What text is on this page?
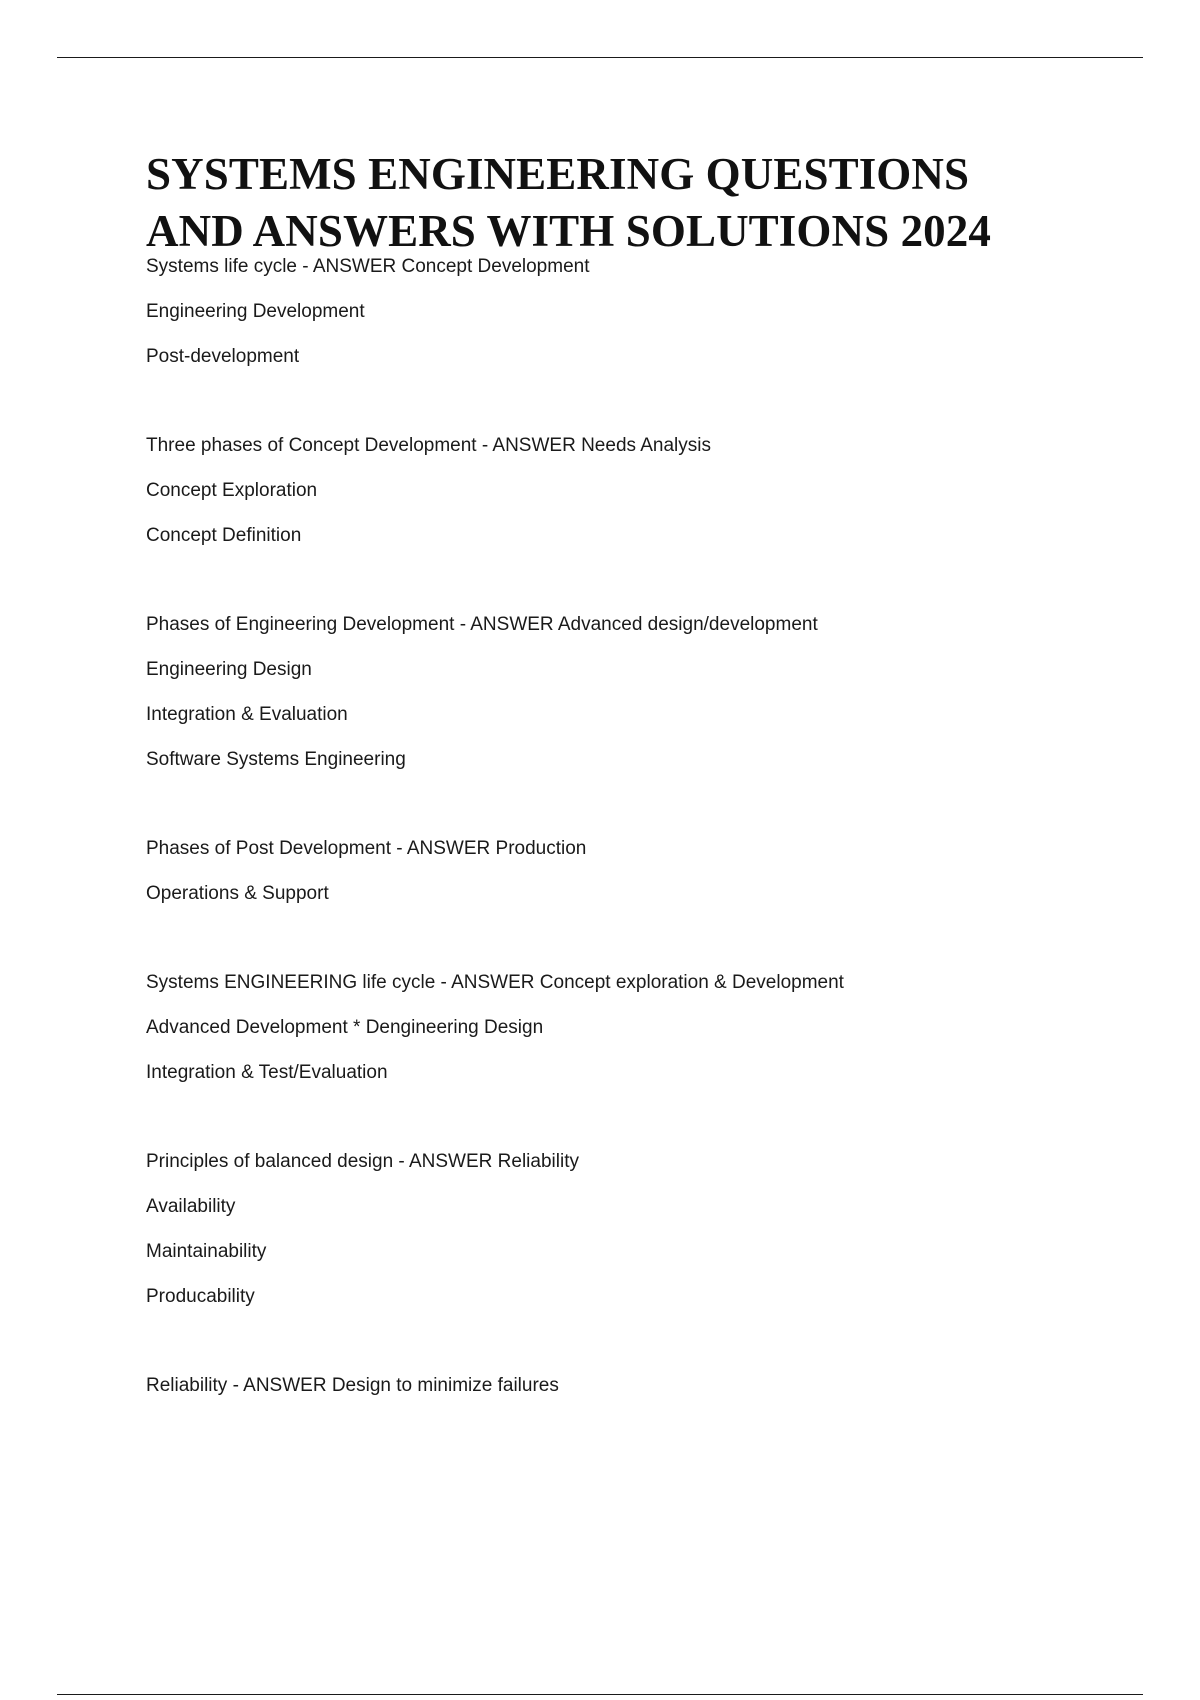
SYSTEMS ENGINEERING QUESTIONS
AND ANSWERS WITH SOLUTIONS 2024
Systems life cycle - ANSWER Concept Development
Engineering Development
Post-development
Three phases of Concept Development - ANSWER Needs Analysis
Concept Exploration
Concept Definition
Phases of Engineering Development - ANSWER Advanced design/development
Engineering Design
Integration & Evaluation
Software Systems Engineering
Phases of Post Development - ANSWER Production
Operations & Support
Systems ENGINEERING life cycle - ANSWER Concept exploration & Development
Advanced Development * Dengineering Design
Integration & Test/Evaluation
Principles of balanced design - ANSWER Reliability
Availability
Maintainability
Producability
Reliability - ANSWER Design to minimize failures
